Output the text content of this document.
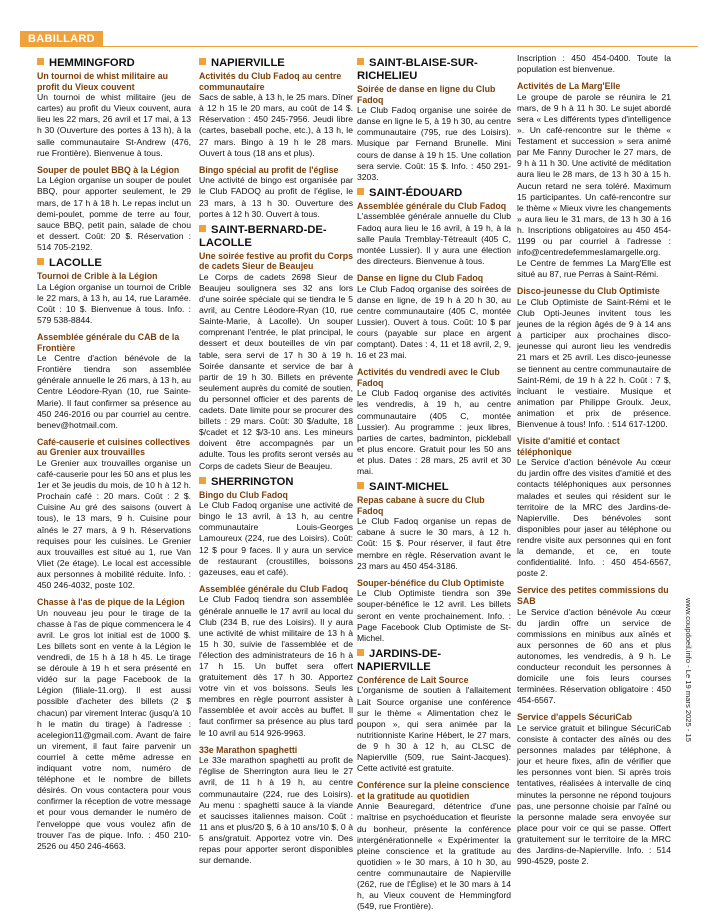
BABILLARD
HEMMINGFORD
Un tournoi de whist militaire au profit du Vieux couvent
Un tournoi de whist militaire (jeu de cartes) au profit du Vieux couvent, aura lieu les 22 mars, 26 avril et 17 mai, à 13 h 30 (Ouverture des portes à 13 h), à la salle communautaire St-Andrew (476, rue Frontière). Bienvenue à tous.
Souper de poulet BBQ à la Légion
La Légion organise un souper de poulet BBQ, pour apporter seulement, le 29 mars, de 17 h à 18 h. Le repas inclut un demi-poulet, pomme de terre au four, sauce BBQ, petit pain, salade de chou et dessert. Coût: 20 $. Réservation : 514 705-2192.
LACOLLE
Tournoi de Crible à la Légion
La Légion organise un tournoi de Crible le 22 mars, à 13 h, au 14, rue Laramée. Coût : 10 $. Bienvenue à tous. Info. : 579 538-8844.
Assemblée générale du CAB de la Frontière
Le Centre d'action bénévole de la Frontière tiendra son assemblée générale annuelle le 26 mars, à 13 h, au Centre Léodore-Ryan (10, rue Sainte-Marie). Il faut confirmer sa présence au 450 246-2016 ou par courriel au centre. benev@hotmail.com.
Café-causerie et cuisines collectives au Grenier aux trouvailles
Le Grenier aux trouvailles organise un café-causerie pour les 50 ans et plus les 1er et 3e jeudis du mois, de 10 h à 12 h. Prochain café : 20 mars. Coût : 2 $. Cuisine Au gré des saisons (ouvert à tous), le 13 mars, 9 h. Cuisine pour aînés le 27 mars, à 9 h. Réservations requises pour les cuisines. Le Grenier aux trouvailles est situé au 1, rue Van Vliet (2e étage). Le local est accessible aux personnes à mobilité réduite. Info. : 450 246-4032, poste 102.
Chasse à l'as de pique de la Légion
Un nouveau jeu pour le tirage de la chasse à l'as de pique commencera le 4 avril. Le gros lot initial est de 1000 $. Les billets sont en vente à la Légion le vendredi, de 15 h à 18 h 45. Le tirage se déroule à 19 h et sera présenté en vidéo sur la page Facebook de la Légion (filiale-11.org). Il est aussi possible d'acheter des billets (2 $ chacun) par virement Interac (jusqu'à 10 h le matin du tirage) à l'adresse : acelegion11@gmail.com. Avant de faire un virement, il faut faire parvenir un courriel à cette même adresse en indiquant votre nom, numéro de téléphone et le nombre de billets désirés. On vous contactera pour vous confirmer la réception de votre message et pour vous demander le numéro de l'enveloppe que vous voulez afin de trouver l'as de pique. Info. : 450 210-2526 ou 450 246-4663.
NAPIERVILLE
Activités du Club Fadoq au centre communautaire
Sacs de sable, à 13 h, le 25 mars. Dîner à 12 h 15 le 20 mars, au coût de 14 $. Réservation : 450 245-7956. Jeudi libre (cartes, baseball poche, etc.), à 13 h, le 27 mars. Bingo à 19 h le 28 mars. Ouvert à tous (18 ans et plus).
Bingo spécial au profit de l'église
Une activité de bingo est organisée par le Club FADOQ au profit de l'église, le 23 mars, à 13 h 30. Ouverture des portes à 12 h 30. Ouvert à tous.
SAINT-BERNARD-DE-LACOLLE
Une soirée festive au profit du Corps de cadets Sieur de Beaujeu
Le Corps de cadets 2698 Sieur de Beaujeu soulignera ses 32 ans lors d'une soirée spéciale qui se tiendra le 5 avril, au Centre Léodore-Ryan (10, rue Sainte-Marie, à Lacolle). Un souper comprenant l'entrée, le plat principal, le dessert et deux bouteilles de vin par table, sera servi de 17 h 30 à 19 h. Soirée dansante et service de bar à partir de 19 h 30. Billets en prévente seulement auprès du comité de soutien, du personnel officier et des parents de cadets. Date limite pour se procurer des billets : 29 mars. Coût: 30 $/adulte, 18 $/cadet et 12 $/3-10 ans. Les mineurs doivent être accompagnés par un adulte. Tous les profits seront versés au Corps de cadets Sieur de Beaujeu.
SHERRINGTON
Bingo du Club Fadoq
Le Club Fadoq organise une activité de bingo le 13 avril, à 13 h, au centre communautaire Louis-Georges Lamoureux (224, rue des Loisirs). Coût: 12 $ pour 9 faces. Il y aura un service de restaurant (croustilles, boissons gazeuses, eau et café).
Assemblée générale du Club Fadoq
Le Club Fadoq tiendra son assemblée générale annuelle le 17 avril au local du Club (234 B, rue des Loisirs). Il y aura une activité de whist militaire de 13 h à 15 h 30, suivie de l'assemblée et de l'élection des administrateurs de 16 h à 17 h 15. Un buffet sera offert gratuitement dès 17 h 30. Apportez votre vin et vos boissons. Seuls les membres en règle pourront assister à l'assemblée et avoir accès au buffet. Il faut confirmer sa présence au plus tard le 10 avril au 514 926-9963.
33e Marathon spaghetti
Le 33e marathon spaghetti au profit de l'église de Sherrington aura lieu le 27 avril, de 11 h à 19 h, au centre communautaire (224, rue des Loisirs). Au menu : spaghetti sauce à la viande et saucisses italiennes maison. Coût : 11 ans et plus/20 $, 6 à 10 ans/10 $, 0 à 5 ans/gratuit. Apportez votre vin. Des repas pour apporter seront disponibles sur demande.
SAINT-BLAISE-SUR-RICHELIEU
Soirée de danse en ligne du Club Fadoq
Le Club Fadoq organise une soirée de danse en ligne le 5, à 19 h 30, au centre communautaire (795, rue des Loisirs). Musique par Fernand Brunelle. Mini cours de danse à 19 h 15. Une collation sera servie. Coût: 15 $. Info. : 450 291-3203.
SAINT-ÉDOUARD
Assemblée générale du Club Fadoq
L'assemblée générale annuelle du Club Fadoq aura lieu le 16 avril, à 19 h, à la salle Paula Tremblay-Tétreault (405 C, montée Lussier). Il y aura une élection des directeurs. Bienvenue à tous.
Danse en ligne du Club Fadoq
Le Club Fadoq organise des soirées de danse en ligne, de 19 h à 20 h 30, au centre communautaire (405 C, montée Lussier). Ouvert à tous. Coût: 10 $ par cours (payable sur place en argent comptant). Dates : 4, 11 et 18 avril, 2, 9, 16 et 23 mai.
Activités du vendredi avec le Club Fadoq
Le Club Fadoq organise des activités les vendredis, à 19 h, au centre communautaire (405 C, montée Lussier). Au programme : jeux libres, parties de cartes, badminton, pickleball et plus encore. Gratuit pour les 50 ans et plus. Dates : 28 mars, 25 avril et 30 mai.
SAINT-MICHEL
Repas cabane à sucre du Club Fadoq
Le Club Fadoq organise un repas de cabane à sucre le 30 mars, à 12 h. Coût: 15 $. Pour réserver, il faut être membre en règle. Réservation avant le 23 mars au 450 454-3186.
Souper-bénéfice du Club Optimiste
Le Club Optimiste tiendra son 39e souper-bénéfice le 12 avril. Les billets seront en vente prochainement. Info. : Page Facebook Club Optimiste de St-Michel.
JARDINS-DE-NAPIERVILLE
Conférence de Lait Source
L'organisme de soutien à l'allaitement Lait Source organise une conférence sur le thème « Alimentation chez le poupon », qui sera animée par la nutritionniste Karine Hébert, le 27 mars, de 9 h 30 à 12 h, au CLSC de Napierville (509, rue Saint-Jacques). Cette activité est gratuite.
Conférence sur la pleine conscience et la gratitude au quotidien
Annie Beauregard, détentrice d'une maîtrise en psychoéducation et fleuriste du bonheur, présente la conférence intergénérationnelle « Expérimenter la pleine conscience et la gratitude au quotidien » le 30 mars, à 10 h 30, au centre communautaire de Napierville (262, rue de l'Église) et le 30 mars à 14 h, au Vieux couvent de Hemmingford (549, rue Frontière).
Inscription : 450 454-0400. Toute la population est bienvenue.
Activités de La Marg'Elle
Le groupe de parole se réunira le 21 mars, de 9 h à 11 h 30. Le sujet abordé sera « Les différents types d'intelligence ». Un café-rencontre sur le thème « Testament et succession » sera animé par Me Fanny Durocher le 27 mars, de 9 h à 11 h 30. Une activité de méditation aura lieu le 28 mars, de 13 h 30 à 15 h. Aucun retard ne sera toléré. Maximum 15 participantes. Un café-rencontre sur le thème « Mieux vivre les changements » aura lieu le 31 mars, de 13 h 30 à 16 h. Inscriptions obligatoires au 450 454-1199 ou par courriel à l'adresse : info@centredefemmeslamargelle.org. Le Centre de femmes La Marg'Elle est situé au 87, rue Perras à Saint-Rémi.
Disco-jeunesse du Club Optimiste
Le Club Optimiste de Saint-Rémi et le Club Opti-Jeunes invitent tous les jeunes de la région âgés de 9 à 14 ans à participer aux prochaines disco-jeunesse qui auront lieu les vendredis 21 mars et 25 avril. Les disco-jeunesse se tiennent au centre communautaire de Saint-Rémi, de 19 h à 22 h. Coût : 7 $, incluant le vestiaire. Musique et animation par Philippe Groulx. Jeux, animation et prix de présence. Bienvenue à tous! Info. : 514 617-1200.
Visite d'amitié et contact téléphonique
Le Service d'action bénévole Au cœur du jardin offre des visites d'amitié et des contacts téléphoniques aux personnes malades et seules qui résident sur le territoire de la MRC des Jardins-de-Napierville. Des bénévoles sont disponibles pour jaser au téléphone ou rendre visite aux personnes qui en font la demande, et ce, en toute confidentialité. Info. : 450 454-6567, poste 2.
Service des petites commissions du SAB
Le Service d'action bénévole Au cœur du jardin offre un service de commissions en minibus aux aînés et aux personnes de 60 ans et plus autonomes, les vendredis, à 9 h. Le conducteur reconduit les personnes à domicile une fois leurs courses terminées. Réservation obligatoire : 450 454-6567.
Service d'appels SécuriCab
Le service gratuit et bilingue SécuriCab consiste à contacter des aînés ou des personnes malades par téléphone, à jour et heure fixes, afin de vérifier que les personnes vont bien. Si après trois tentatives, réalisées à intervalle de cinq minutes la personne ne répond toujours pas, une personne choisie par l'aîné ou la personne malade sera envoyée sur place pour voir ce qui se passe. Offert gratuitement sur le territoire de la MRC des Jardins-de-Napierville. Info. : 514 990-4529, poste 2.
www.coupdoeil.info - Le 19 mars 2025 - 15
